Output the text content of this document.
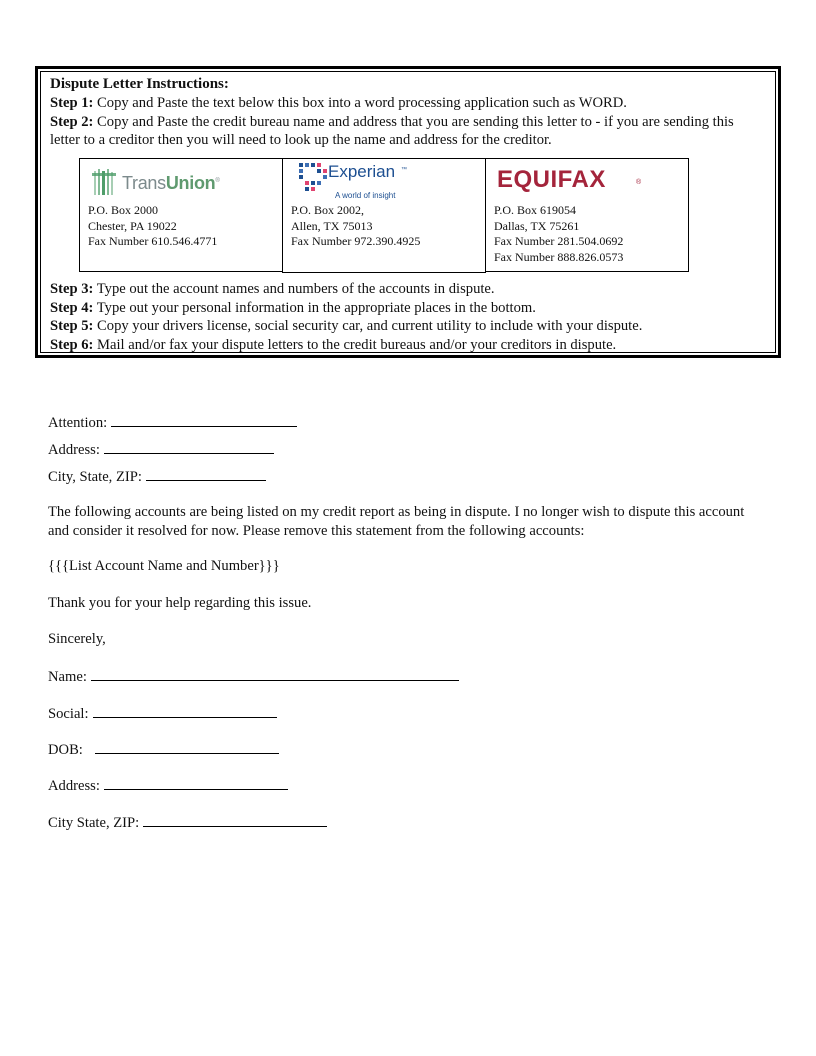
Dispute Letter Instructions:
Step 1: Copy and Paste the text below this box into a word processing application such as WORD.
Step 2: Copy and Paste the credit bureau name and address that you are sending this letter to - if you are sending this letter to a creditor then you will need to look up the name and address for the creditor.
TransUnion®
P.O. Box 2000
Chester, PA 19022
Fax Number 610.546.4771
Experian ™
A world of insight
P.O. Box 2002,
Allen, TX 75013
Fax Number 972.390.4925
EQUIFAX	®
P.O. Box 619054
Dallas, TX 75261
Fax Number 281.504.0692
Fax Number 888.826.0573
Step 3: Type out the account names and numbers of the accounts in dispute.
Step 4: Type out your personal information in the appropriate places in the bottom.
Step 5: Copy your drivers license, social security car, and current utility to include with your dispute.
Step 6: Mail and/or fax your dispute letters to the credit bureaus and/or your creditors in dispute.
Attention:
Address:
City, State, ZIP:
The following accounts are being listed on my credit report as being in dispute. I no longer wish to dispute this account and consider it resolved for now. Please remove this statement from the following accounts:
{{{List Account Name and Number}}}
Thank you for your help regarding this issue.
Sincerely,
Name:
Social:
DOB:
Address:
City State, ZIP:
